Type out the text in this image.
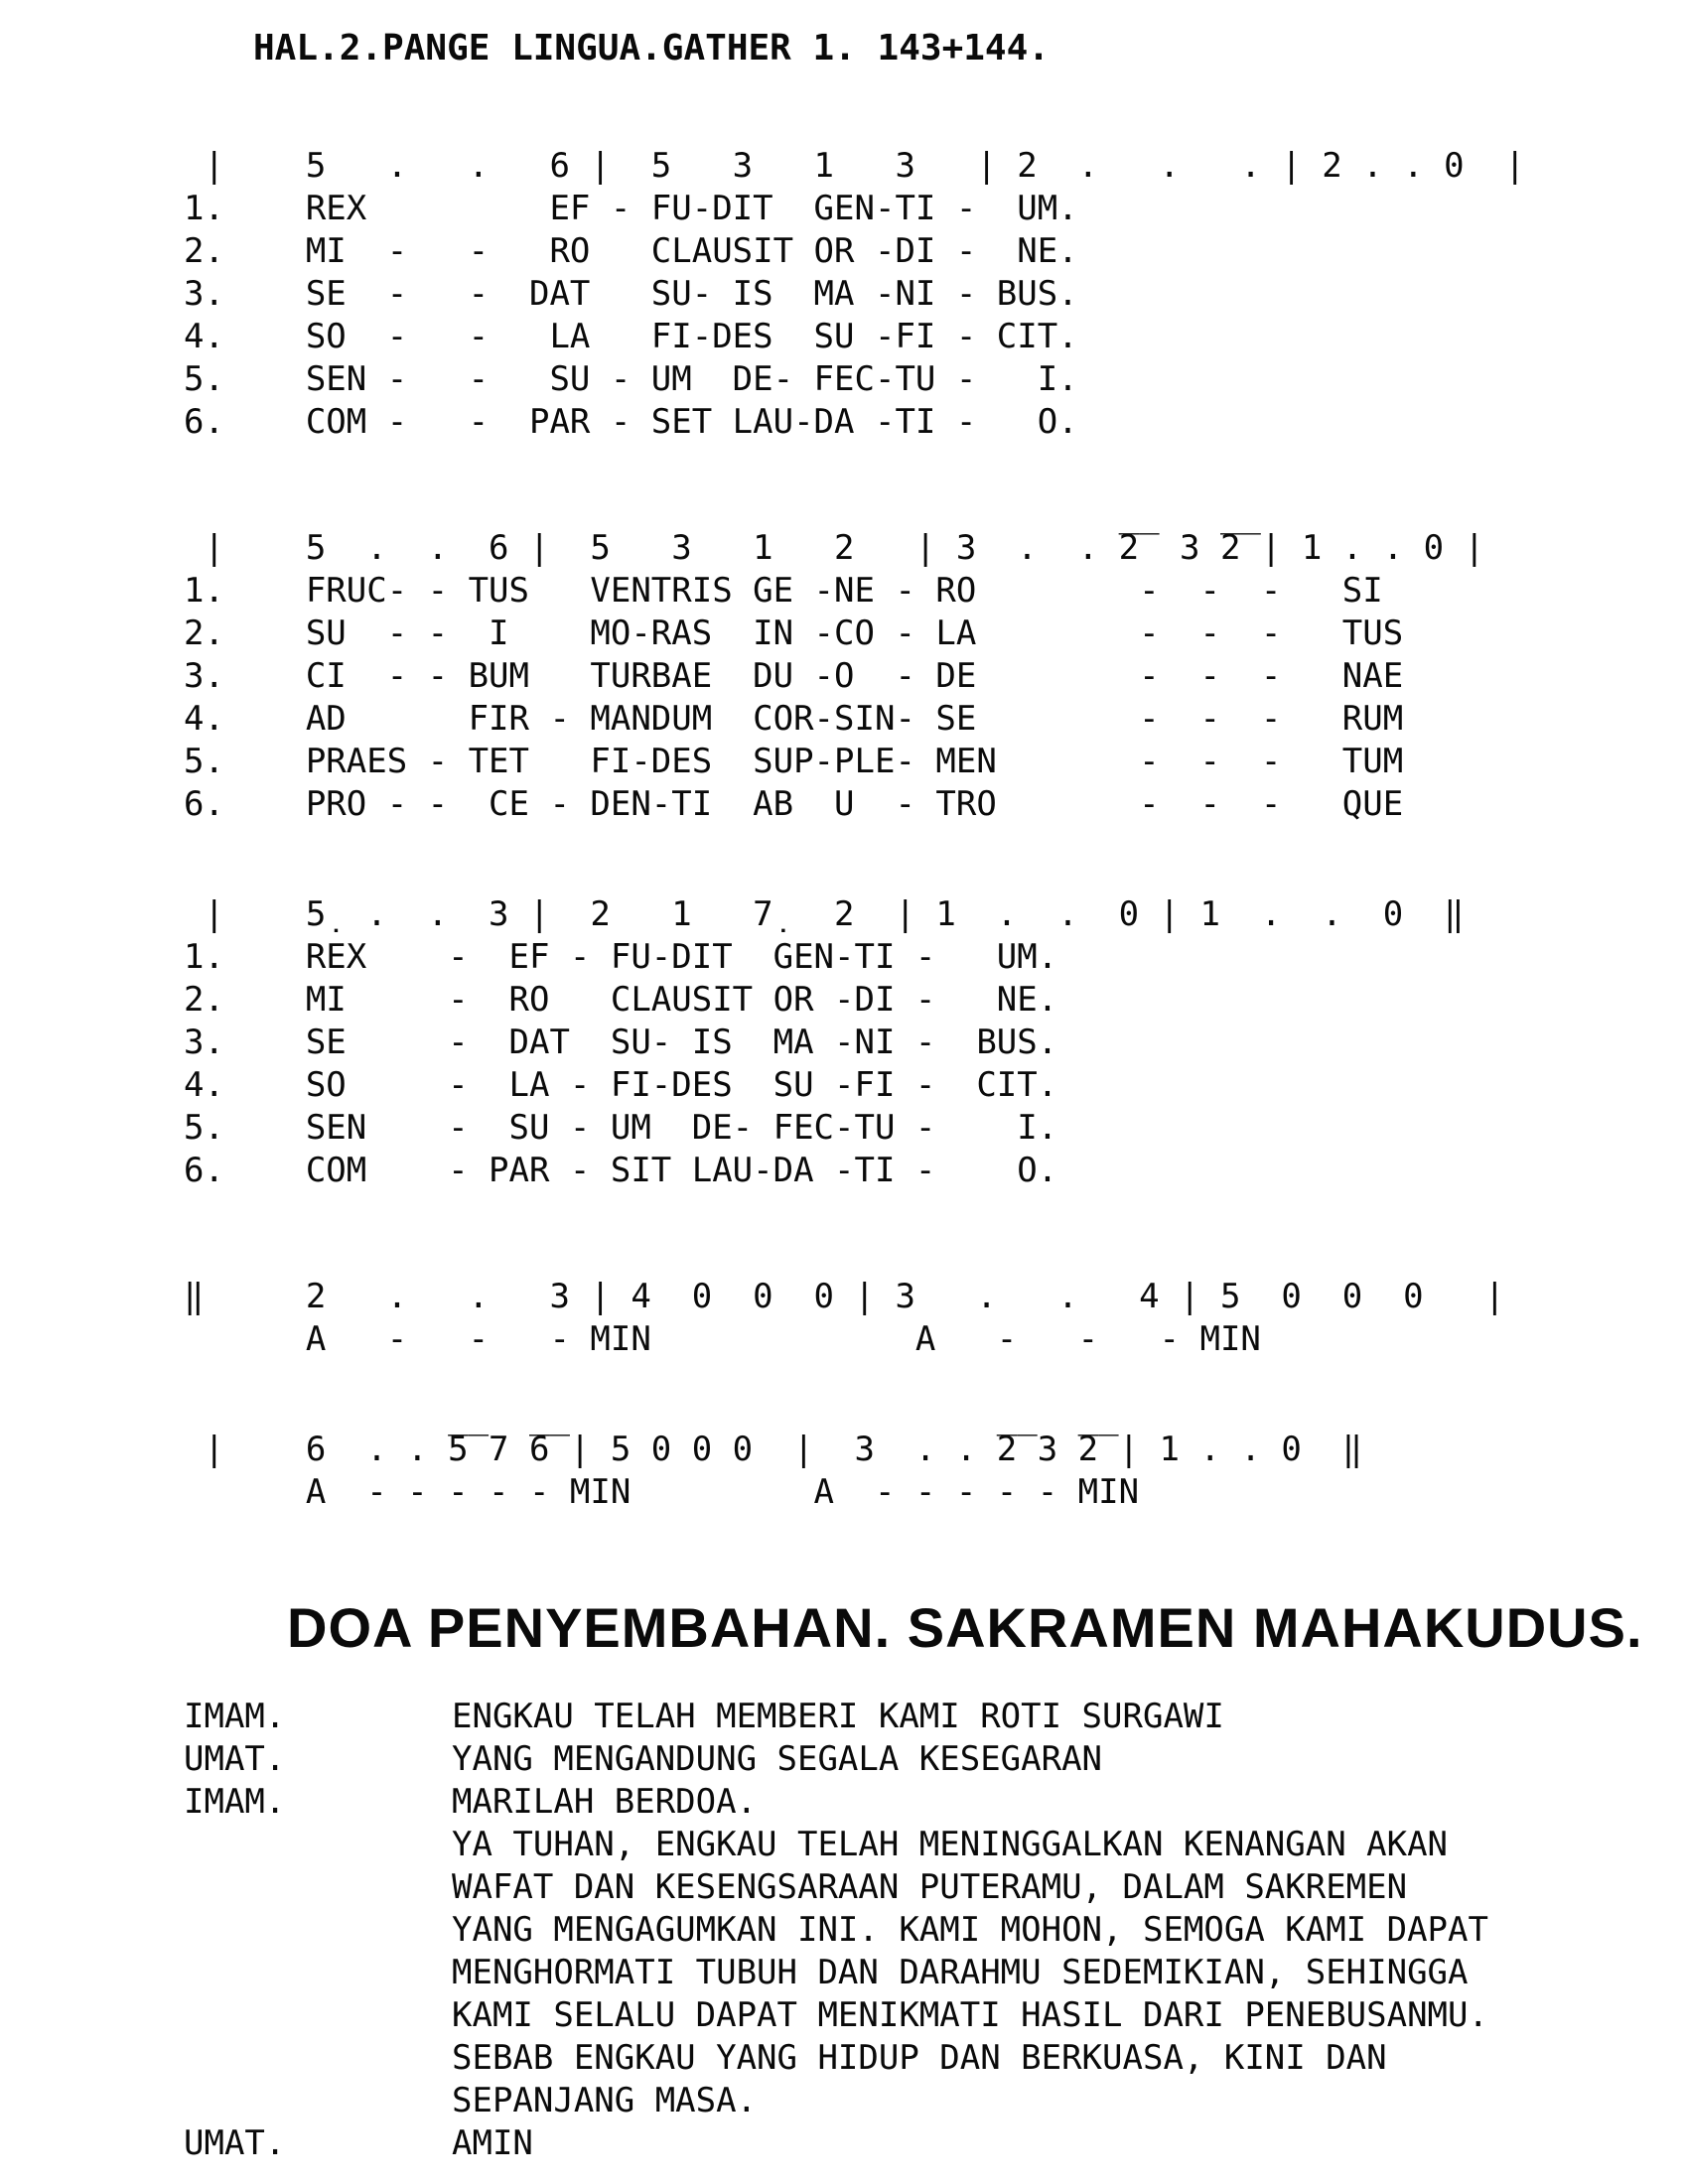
HAL.2.PANGE LINGUA.GATHER 1. 143+144.
|    5   .   .   6 |  5   3   1   3   | 2  .   .   . | 2 . . 0  |
1.    REX         EF - FU-DIT  GEN-TI -  UM.
2.    MI  -   -   RO   CLAUSIT OR -DI -  NE.
3.    SE  -   -  DAT   SU- IS  MA -NI - BUS.
4.    SO  -   -   LA   FI-DES  SU -FI - CIT.
5.    SEN -   -   SU - UM  DE- FEC-TU -   I.
6.    COM -   -  PAR - SET LAU-DA -TI -   O.
|    5  .  .  6 |  5   3   1   2   | 3  .  . ̅2̅  3 ̅2̅ | 1 . . 0 |
1.    FRUC- - TUS   VENTRIS GE -NE - RO        -  -  -   SI
2.    SU  - -  I    MO-RAS  IN -CO - LA        -  -  -   TUS
3.    CI  - - BUM   TURBAE  DU -O  - DE        -  -  -   NAE
4.    AD      FIR - MANDUM  COR-SIN- SE        -  -  -   RUM
5.    PRAES - TET   FI-DES  SUP-PLE- MEN       -  -  -   TUM
6.    PRO - -  CE - DEN-TI  AB  U  - TRO       -  -  -   QUE
|    5̣  .  .  3 |  2   1   7̣   2  | 1  .  .  0 | 1  .  .  0  ‖
1.    REX    -  EF - FU-DIT  GEN-TI -   UM.
2.    MI     -  RO   CLAUSIT OR -DI -   NE.
3.    SE     -  DAT  SU- IS  MA -NI -  BUS.
4.    SO     -  LA - FI-DES  SU -FI -  CIT.
5.    SEN    -  SU - UM  DE- FEC-TU -    I.
6.    COM    - PAR - SIT LAU-DA -TI -    O.
‖     2   .   .   3 | 4  0  0  0 | 3   .   .   4 | 5  0  0  0   |
A   -   -   - MIN             A   -   -   - MIN
|    6  . . ̅5̅ 7 ̅6̅ | 5 0 0 0  |  3  . . ̅2̅ 3 ̅2̅ | 1 . . 0  ‖
A  - - - - - MIN         A  - - - - - MIN
DOA PENYEMBAHAN. SAKRAMEN MAHAKUDUS.
IMAM.	ENGKAU TELAH MEMBERI KAMI ROTI SURGAWI
UMAT.	YANG MENGANDUNG SEGALA KESEGARAN
IMAM.	MARILAH BERDOA.
YA TUHAN, ENGKAU TELAH MENINGGALKAN KENANGAN AKAN
WAFAT DAN KESENGSARAAN PUTERAMU, DALAM SAKREMEN
YANG MENGAGUMKAN INI. KAMI MOHON, SEMOGA KAMI DAPAT
MENGHORMATI TUBUH DAN DARAHMU SEDEMIKIAN, SEHINGGA
KAMI SELALU DAPAT MENIKMATI HASIL DARI PENEBUSANMU.
SEBAB ENGKAU YANG HIDUP DAN BERKUASA, KINI DAN
SEPANJANG MASA.
UMAT.	AMIN
